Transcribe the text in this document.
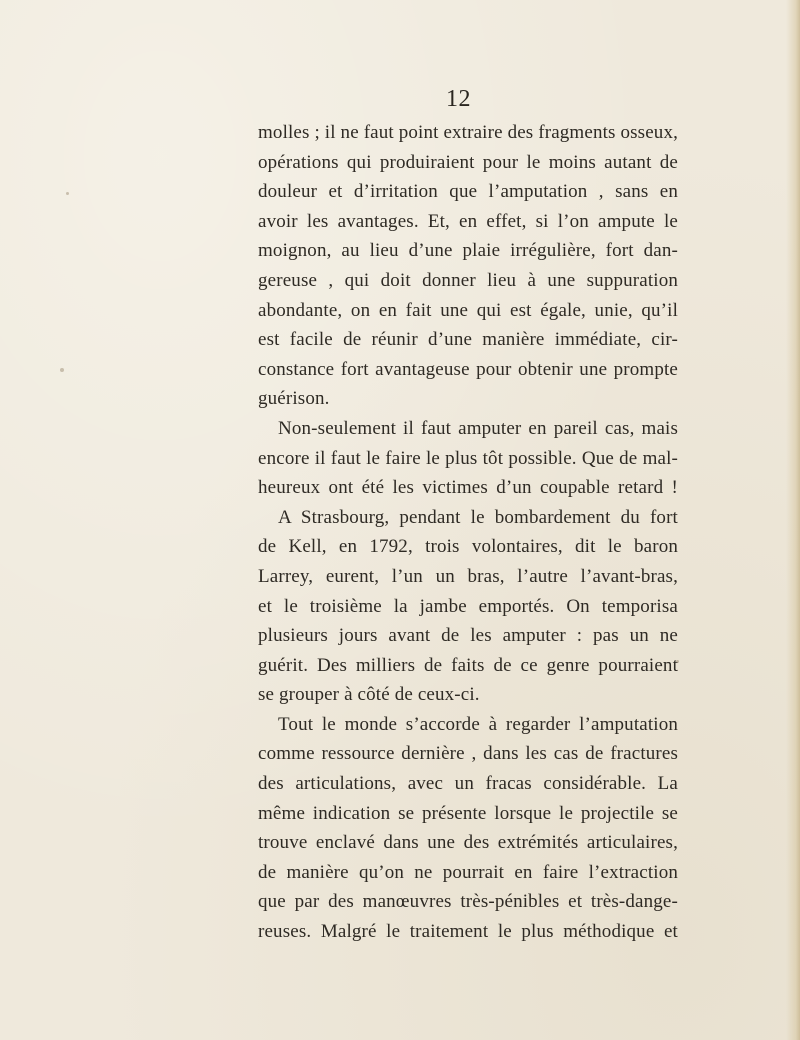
12
molles ; il ne faut point extraire des fragments osseux,
opérations qui produiraient pour le moins autant de
douleur et d’irritation que l’amputation , sans en
avoir les avantages. Et, en effet, si l’on ampute le
moignon, au lieu d’une plaie irrégulière, fort dan-
gereuse , qui doit donner lieu à une suppuration
abondante, on en fait une qui est égale, unie, qu’il
est facile de réunir d’une manière immédiate, cir-
constance fort avantageuse pour obtenir une prompte
guérison.
Non-seulement il faut amputer en pareil cas, mais
encore il faut le faire le plus tôt possible. Que de mal-
heureux ont été les victimes d’un coupable retard !
A Strasbourg, pendant le bombardement du fort
de Kell, en 1792, trois volontaires, dit le baron
Larrey, eurent, l’un un bras, l’autre l’avant-bras,
et le troisième la jambe emportés. On temporisa
plusieurs jours avant de les amputer : pas un ne
guérit. Des milliers de faits de ce genre pourraient
se grouper à côté de ceux-ci.
Tout le monde s’accorde à regarder l’amputation
comme ressource dernière , dans les cas de fractures
des articulations, avec un fracas considérable. La
même indication se présente lorsque le projectile se
trouve enclavé dans une des extrémités articulaires,
de manière qu’on ne pourrait en faire l’extraction
que par des manœuvres très-pénibles et très-dange-
reuses. Malgré le traitement le plus méthodique et
